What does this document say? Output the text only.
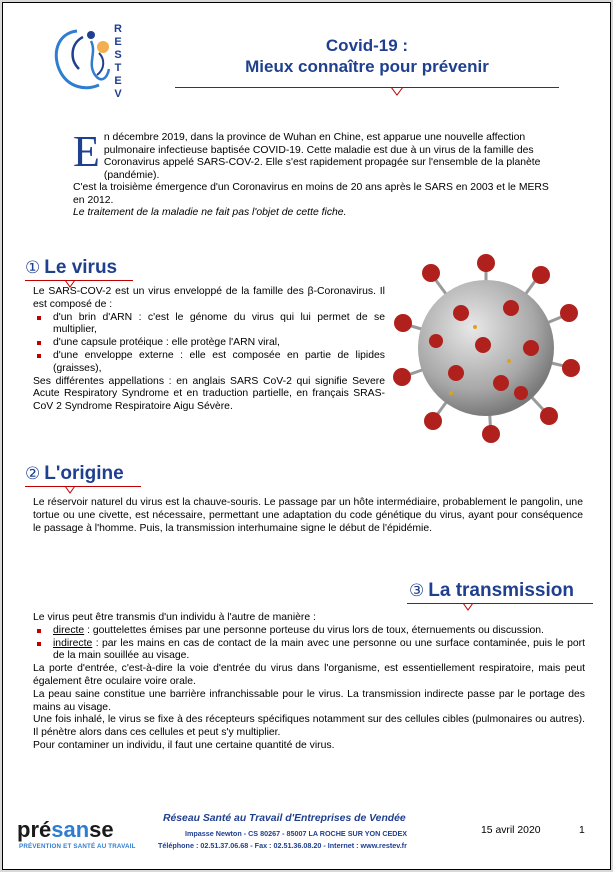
R
E
S
T
E
V
Covid-19 :
Mieux connaître pour prévenir
E n décembre 2019, dans la province de Wuhan en Chine, est apparue une nouvelle affection pulmonaire infectieuse baptisée COVID-19. Cette maladie est due à un virus de la famille des Coronavirus appelé SARS-COV-2. Elle s'est rapidement propagée sur l'ensemble de la planète (pandémie).

C'est la troisième émergence d'un Coronavirus en moins de 20 ans après le SARS en 2003 et le MERS en 2012.

Le traitement de la maladie ne fait pas l'objet de cette fiche.

① Le virus

Le SARS-COV-2 est un virus enveloppé de la famille des β-Coronavirus. Il est composé de :

d'un brin d'ARN : c'est le génome du virus qui lui permet de se multiplier,

d'une capsule protéique : elle protège l'ARN viral,

d'une enveloppe externe : elle est composée en partie de lipides (graisses),

Ses différentes appellations : en anglais SARS CoV-2 qui signifie Severe Acute Respiratory Syndrome et en traduction partielle, en français SRAS-CoV 2 Syndrome Respiratoire Aigu Sévère.

② L'origine

Le réservoir naturel du virus est la chauve-souris. Le passage par un hôte intermédiaire, probablement le pangolin, une tortue ou une civette, est nécessaire, permettant une adaptation du code génétique du virus, ayant pour conséquence le passage à l'homme. Puis, la transmission interhumaine signe le début de l'épidémie.

③ La transmission

Le virus peut être transmis d'un individu à l'autre de manière :

directe : gouttelettes émises par une personne porteuse du virus lors de toux, éternuements ou discussion.

indirecte : par les mains en cas de contact de la main avec une personne ou une surface contaminée, puis le port de la main souillée au visage.

La porte d'entrée, c'est-à-dire la voie d'entrée du virus dans l'organisme, est essentiellement respiratoire, mais peut également être oculaire voire orale.

La peau saine constitue une barrière infranchissable pour le virus. La transmission indirecte passe par le portage des mains au visage.

Une fois inhalé, le virus se fixe à des récepteurs spécifiques notamment sur des cellules cibles (pulmonaires ou autres). Il pénètre alors dans ces cellules et peut s'y multiplier.

Pour contaminer un individu, il faut une certaine quantité de virus.

présanse
PRÉVENTION ET SANTÉ AU TRAVAIL
Réseau Santé au Travail d'Entreprises de Vendée
Impasse Newton - CS 80267 - 85007 LA ROCHE SUR YON CEDEX
Téléphone : 02.51.37.06.68 - Fax : 02.51.36.08.20 - Internet : www.restev.fr
15 avril 2020	1
